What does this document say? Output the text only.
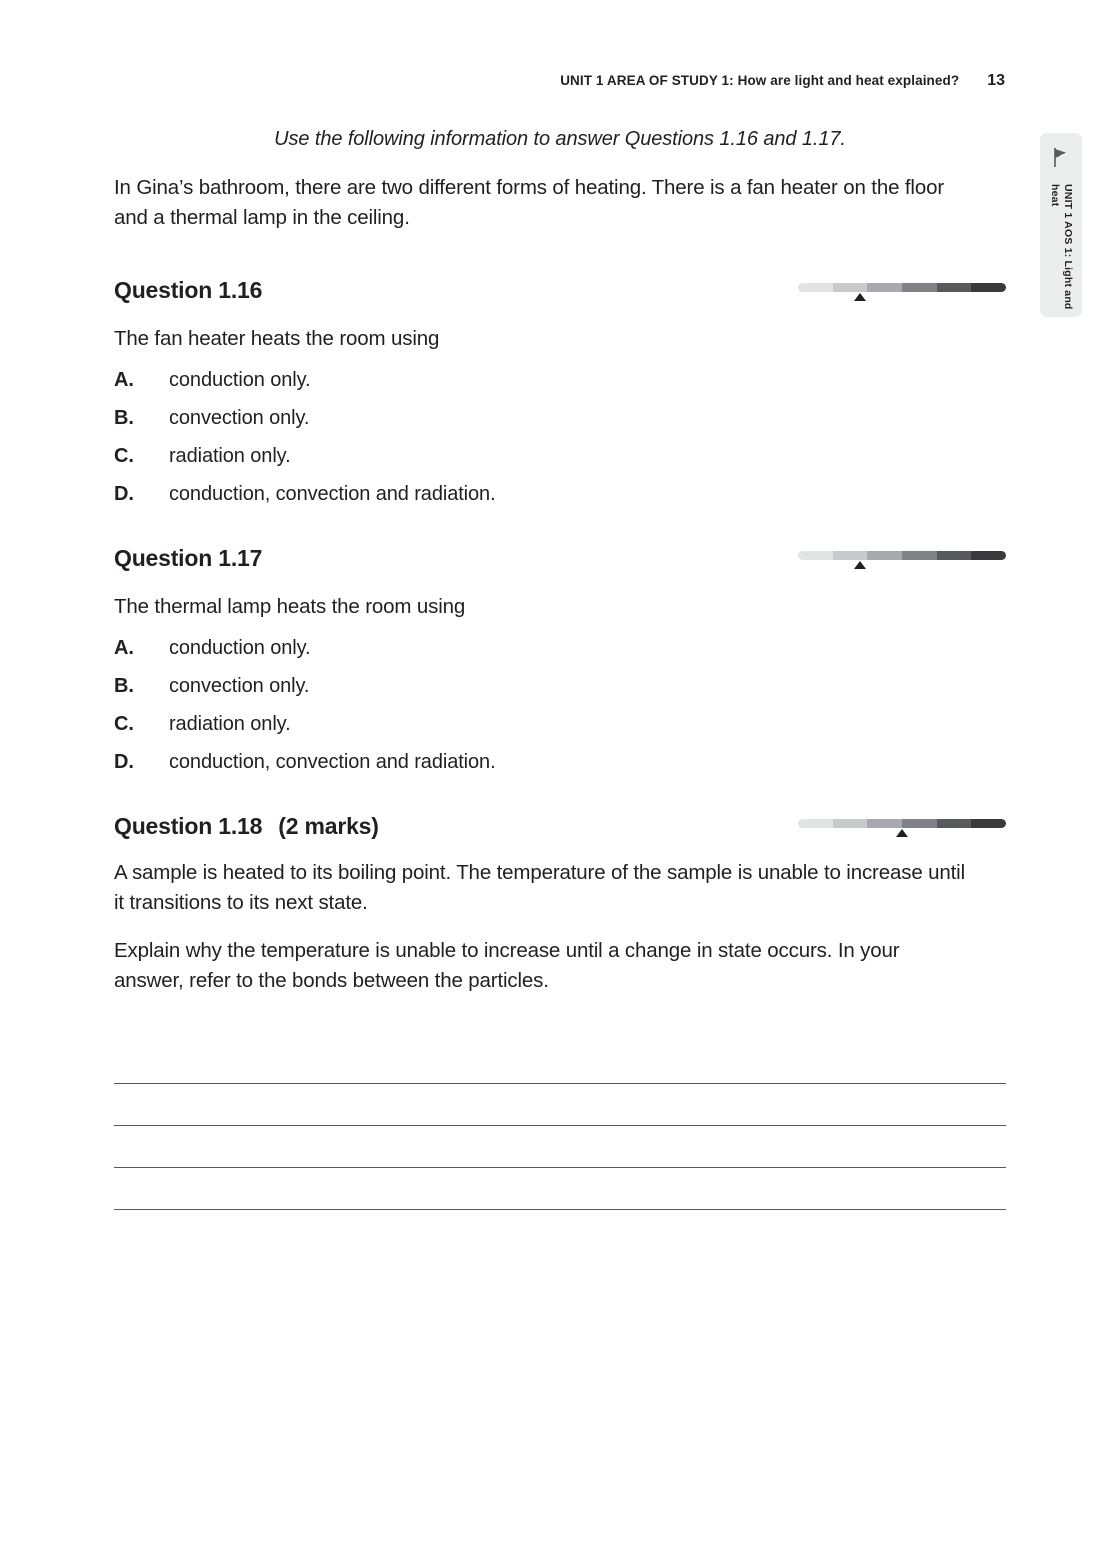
UNIT 1 AREA OF STUDY 1: How are light and heat explained? 13
UNIT 1 AOS 1: Light and heat
Use the following information to answer Questions 1.16 and 1.17.
In Gina’s bathroom, there are two different forms of heating. There is a fan heater on the floor and a thermal lamp in the ceiling.
Question 1.16
The fan heater heats the room using
A.	conduction only.
B.	convection only.
C.	radiation only.
D.	conduction, convection and radiation.
Question 1.17
The thermal lamp heats the room using
A.	conduction only.
B.	convection only.
C.	radiation only.
D.	conduction, convection and radiation.
Question 1.18 (2 marks)
A sample is heated to its boiling point. The temperature of the sample is unable to increase until it transitions to its next state.
Explain why the temperature is unable to increase until a change in state occurs. In your answer, refer to the bonds between the particles.
